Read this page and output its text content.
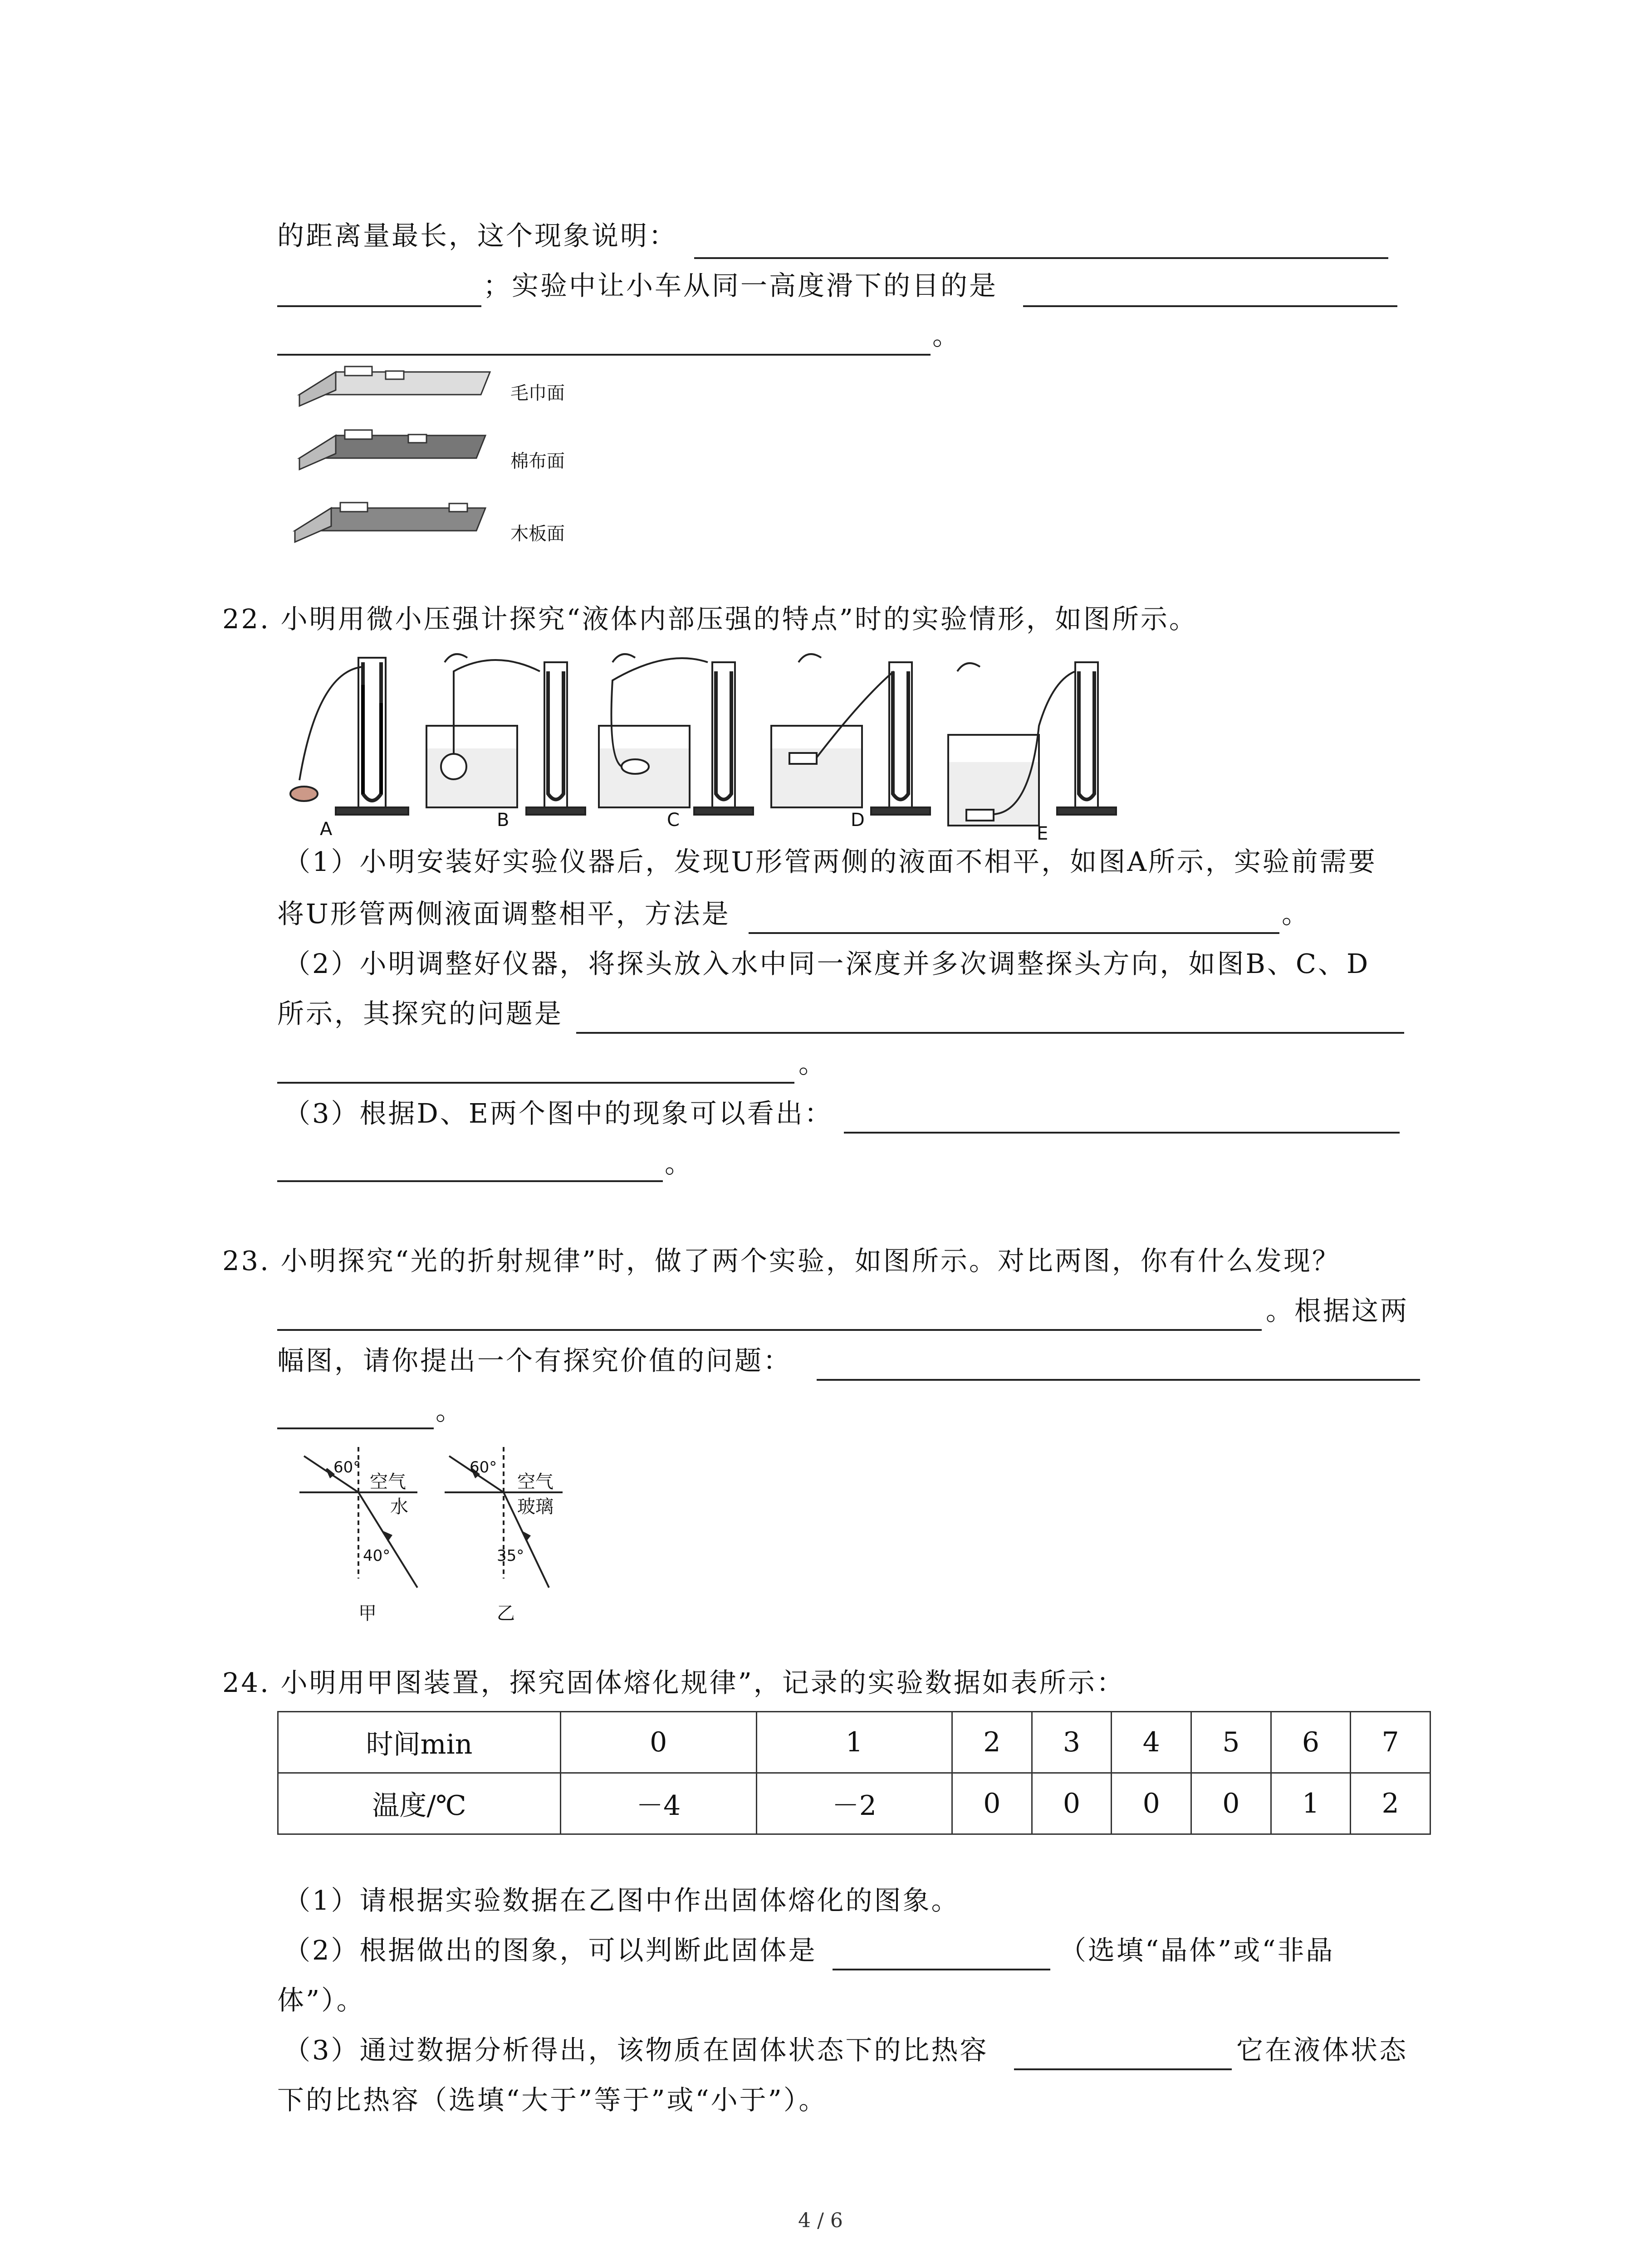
的距离量最长，这个现象说明：
；实验中让小车从同一高度滑下的目的是
。
毛巾面
棉布面
木板面
22. 小明用微小压强计探究“液体内部压强的特点”时的实验情形，如图所示。
A	B	C	D
E
（1）小明安装好实验仪器后，发现U形管两侧的液面不相平，如图A所示，实验前需要
将U形管两侧液面调整相平，方法是	。
（2）小明调整好仪器，将探头放入水中同一深度并多次调整探头方向，如图B、C、D
所示，其探究的问题是
。
（3）根据D、E两个图中的现象可以看出：
。
23. 小明探究“光的折射规律”时，做了两个实验，如图所示。对比两图，你有什么发现？
。根据这两
幅图，请你提出一个有探究价值的问题：
。
60°
空气
水
40°
甲
60°
空气
玻璃
35°
乙
24. 小明用甲图装置，探究固体熔化规律”，记录的实验数据如表所示：
时间min	0	1	2	3	4	5	6	7
温度/℃	－4	－2	0	0	0	0	1	2
（1）请根据实验数据在乙图中作出固体熔化的图象。
（2）根据做出的图象，可以判断此固体是	（选填“晶体”或“非晶
体”）。
（3）通过数据分析得出，该物质在固体状态下的比热容	它在液体状态
下的比热容（选填“大于”等于”或“小于”）。
4 / 6
